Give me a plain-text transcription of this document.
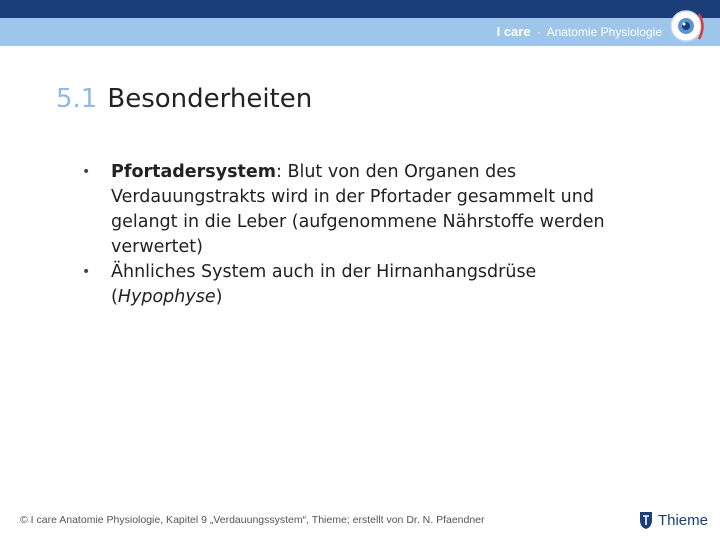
I care · Anatomie Physiologie
5.1 Besonderheiten
• Pfortadersystem: Blut von den Organen des Verdauungstrakts wird in der Pfortader gesammelt und gelangt in die Leber (aufgenommene Nährstoffe werden verwertet)
• Ähnliches System auch in der Hirnanhangsdrüse (Hypophyse)
© I care Anatomie Physiologie, Kapitel 9 „Verdauungssystem“, Thieme; erstellt von Dr. N. Pfaendner	Thieme
